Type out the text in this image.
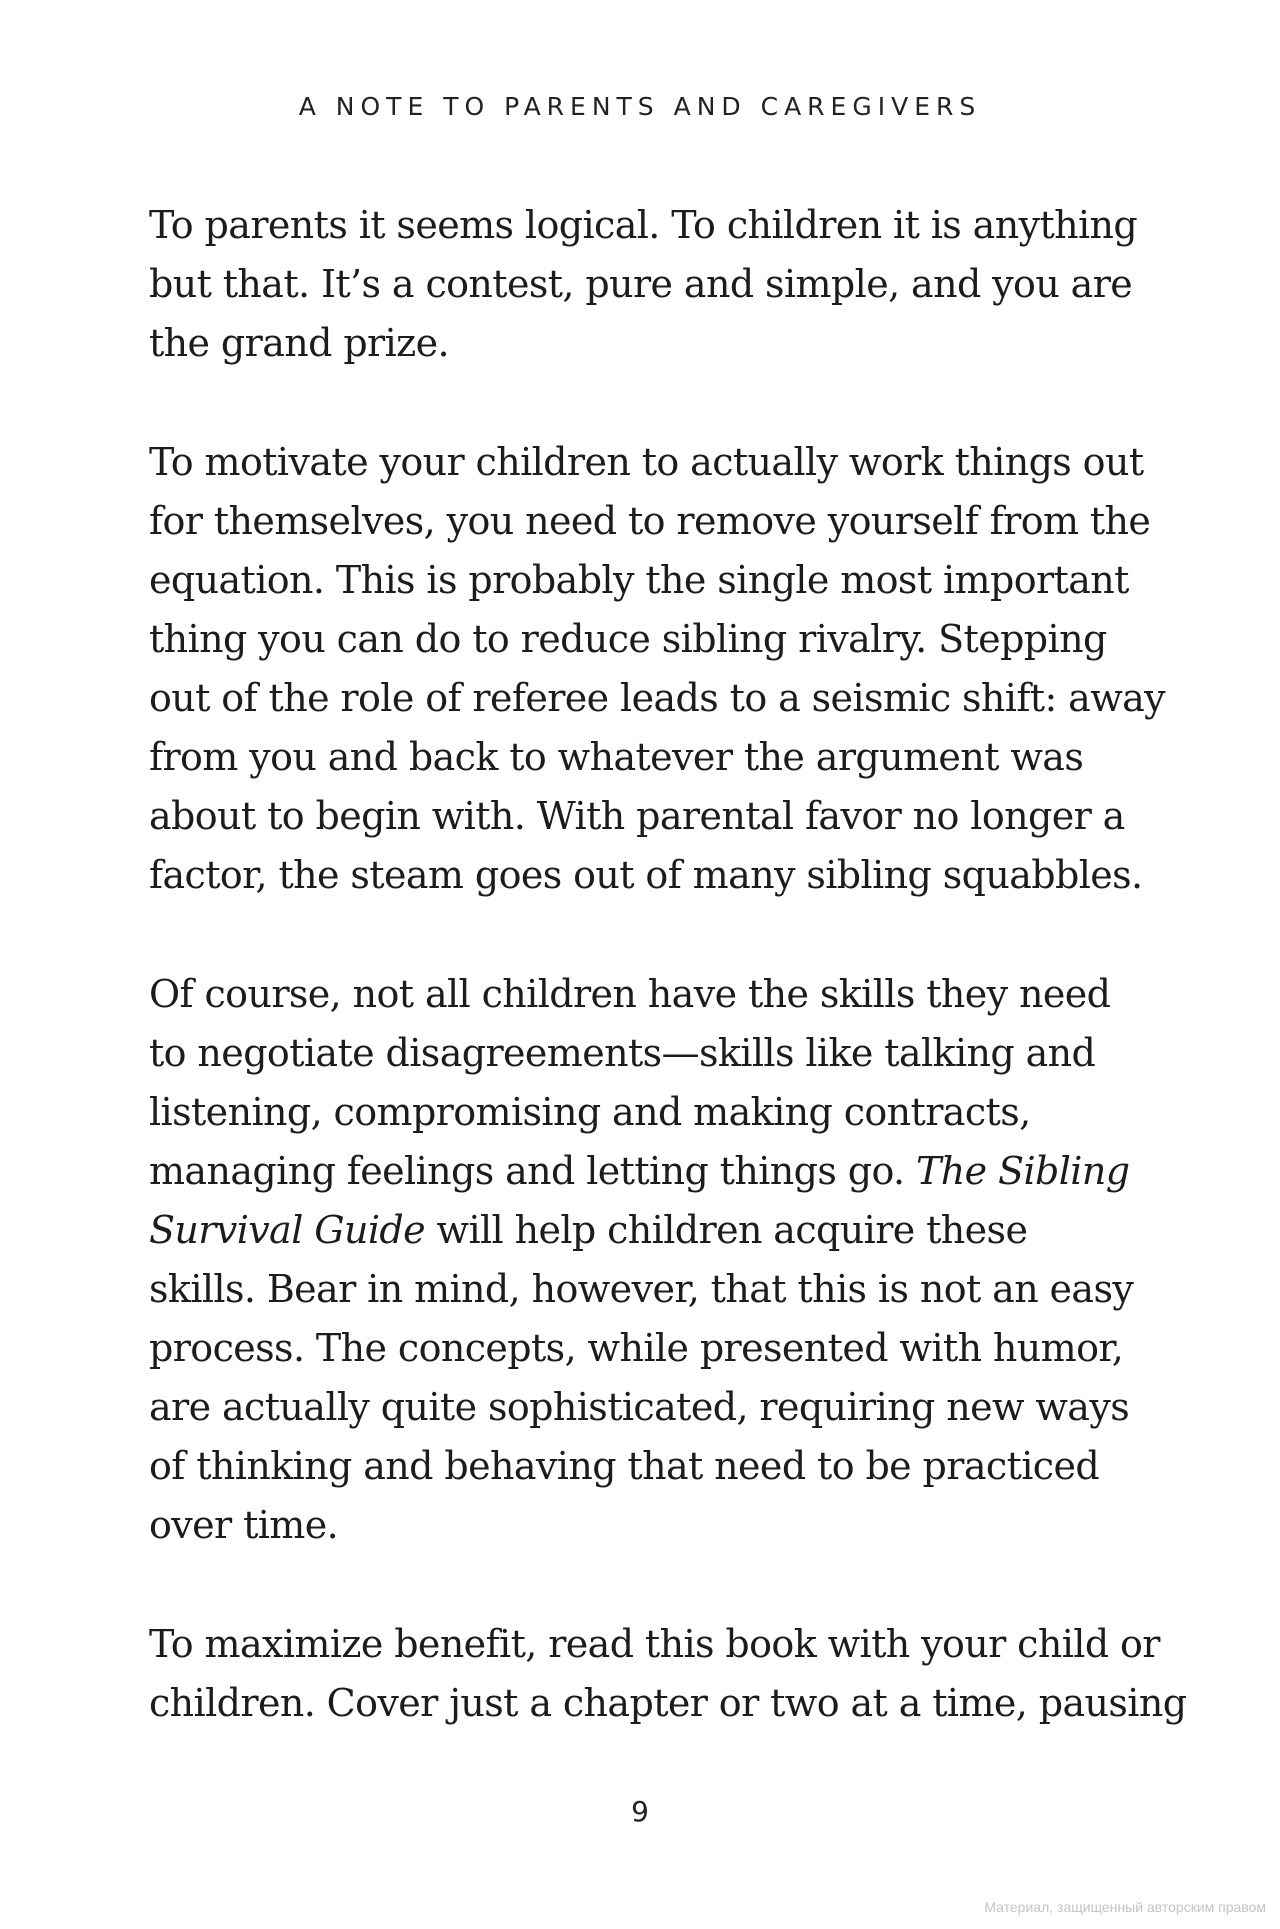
A NOTE TO PARENTS AND CAREGIVERS

To parents it seems logical. To children it is anything
but that. It’s a contest, pure and simple, and you are
the grand prize.

To motivate your children to actually work things out
for themselves, you need to remove yourself from the
equation. This is probably the single most important
thing you can do to reduce sibling rivalry. Stepping
out of the role of referee leads to a seismic shift: away
from you and back to whatever the argument was
about to begin with. With parental favor no longer a
factor, the steam goes out of many sibling squabbles.

Of course, not all children have the skills they need
to negotiate disagreements—skills like talking and
listening, compromising and making contracts,
managing feelings and letting things go. The Sibling
Survival Guide will help children acquire these
skills. Bear in mind, however, that this is not an easy
process. The concepts, while presented with humor,
are actually quite sophisticated, requiring new ways
of thinking and behaving that need to be practiced
over time.

To maximize benefit, read this book with your child or
children. Cover just a chapter or two at a time, pausing

9
Материал, защищенный авторским правом
